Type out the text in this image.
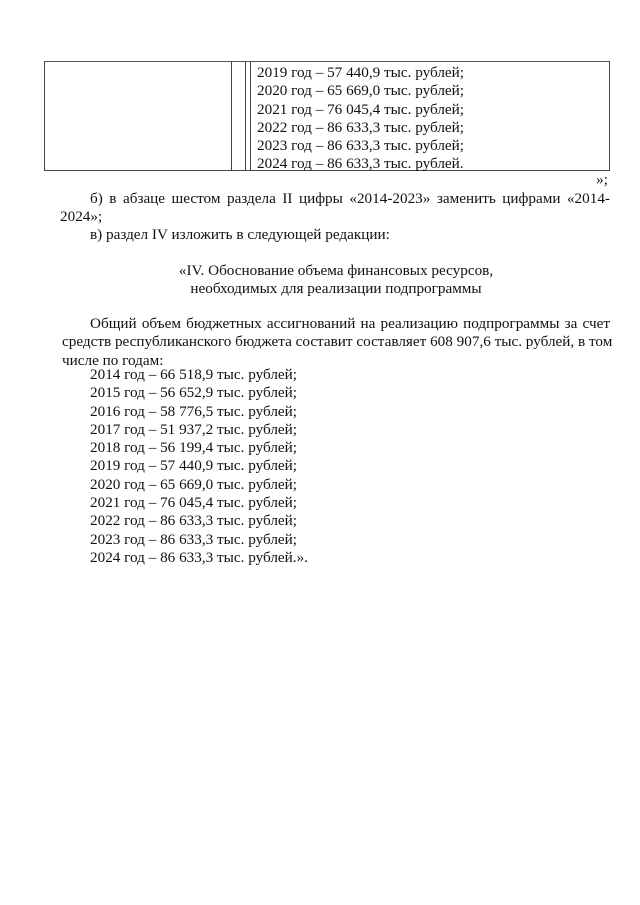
2019 год – 57 440,9 тыс. рублей;
2020 год – 65 669,0 тыс. рублей;
2021 год – 76 045,4 тыс. рублей;
2022 год – 86 633,3 тыс. рублей;
2023 год – 86 633,3 тыс. рублей;
2024 год – 86 633,3 тыс. рублей.
»;
б) в абзаце шестом раздела II цифры «2014-2023» заменить цифрами «2014-
2024»;
в) раздел IV изложить в следующей редакции:
«IV. Обоснование объема финансовых ресурсов,
необходимых для реализации подпрограммы
Общий объем бюджетных ассигнований на реализацию подпрограммы за счет
средств республиканского бюджета составит составляет 608 907,6 тыс. рублей, в том
числе по годам:
2014 год – 66 518,9 тыс. рублей;
2015 год – 56 652,9 тыс. рублей;
2016 год – 58 776,5 тыс. рублей;
2017 год – 51 937,2 тыс. рублей;
2018 год – 56 199,4 тыс. рублей;
2019 год – 57 440,9 тыс. рублей;
2020 год – 65 669,0 тыс. рублей;
2021 год – 76 045,4 тыс. рублей;
2022 год – 86 633,3 тыс. рублей;
2023 год – 86 633,3 тыс. рублей;
2024 год – 86 633,3 тыс. рублей.».
